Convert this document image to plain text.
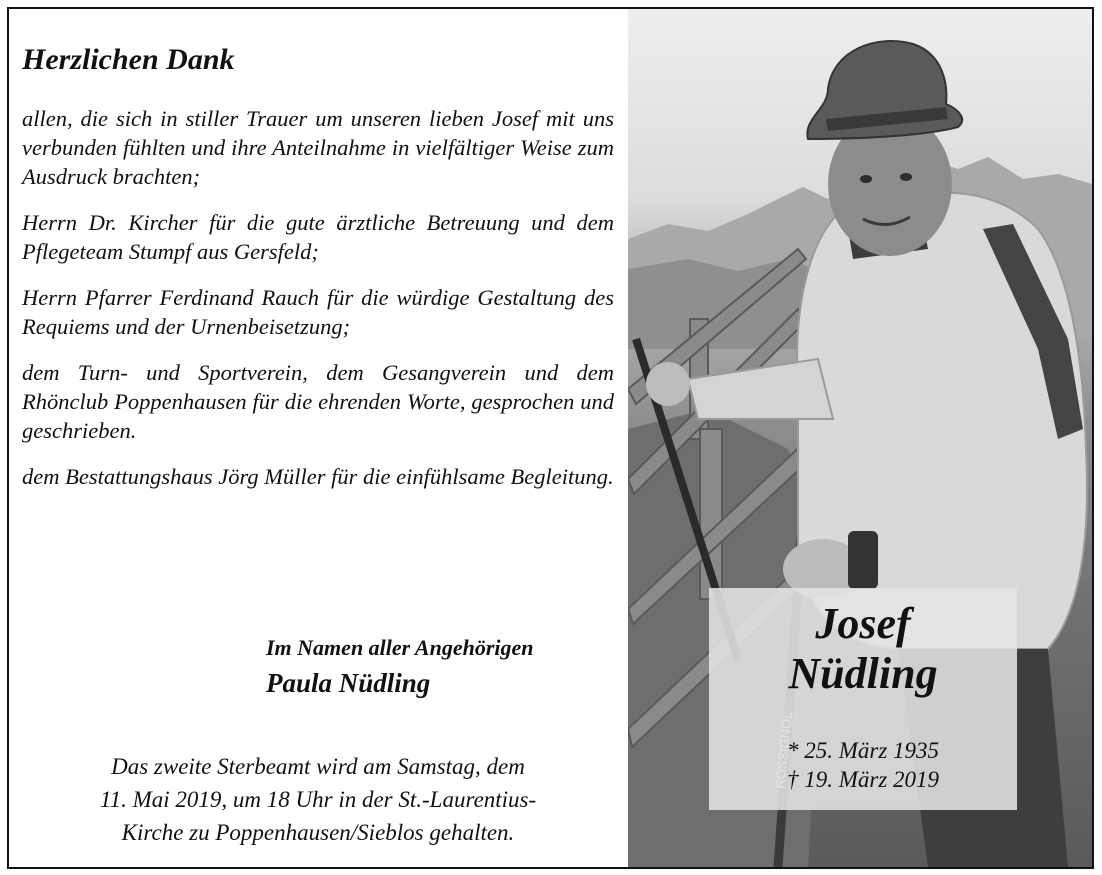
Herzlichen Dank

allen, die sich in stiller Trauer um unseren lieben Josef mit uns verbunden fühlten und ihre Anteilnahme in vielfältiger Weise zum Ausdruck brachten;

Herrn Dr. Kircher für die gute ärztliche Betreuung und dem Pflegeteam Stumpf aus Gersfeld;

Herrn Pfarrer Ferdinand Rauch für die würdige Gestaltung des Requiems und der Urnenbeisetzung;

dem Turn- und Sportverein, dem Gesangverein und dem Rhönclub Poppenhausen für die ehrenden Worte, gesprochen und geschrieben.

dem Bestattungshaus Jörg Müller für die einfühlsame Begleitung.

Im Namen aller Angehörigen
Paula Nüdling
Das zweite Sterbeamt wird am Samstag, dem
11. Mai 2019, um 18 Uhr in der St.-Laurentius-
Kirche zu Poppenhausen/Sieblos gehalten.
Josef
Nüdling
* 25. März 1935
† 19. März 2019
